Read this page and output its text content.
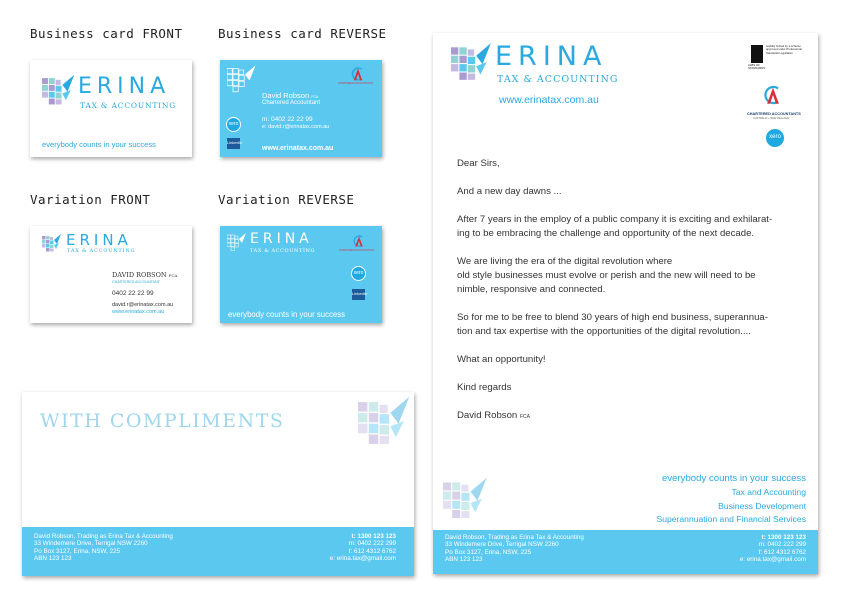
Business card FRONT	Business card REVERSE
Variation FRONT	Variation REVERSE
ERINA
TAX & ACCOUNTING
everybody counts in your success
CHARTERED ACCOUNTANTS
David Robson FCA
Chartered Accountant
xero
LinkedIn
m: 0402 22 22 99
e: david.r@erinatax.com.au
www.erinatax.com.au
ERINA
TAX & ACCOUNTING
DAVID ROBSON FCA
CHARTERED ACCOUNTANT
0402 22 22 99
david.r@erinatax.com.au
www.erinatax.com.au
ERINA
TAX & ACCOUNTING	CHARTERED ACCOUNTANTS
xero
LinkedIn
everybody counts in your success
WITH COMPLIMENTS
David Robson, Trading as Erina Tax & Accounting
33 Windemere Drive, Terrigal NSW 2260
Po Box 3127, Erina, NSW, 225
ABN 123 123
t: 1300 123 123
m: 0402 222 299
f: 612 4312 6762
e: erina.tax@gmail.com
ERINA
TAX & ACCOUNTING
www.erinatax.com.au
Liability limited by a scheme approved under Professional Standards Legislation
ALBS OF
STANDARDS
CHARTERED ACCOUNTANTS
AUSTRALIA + NEW ZEALAND
xero

Dear Sirs,

And a new day dawns ...

After 7 years in the employ of a public company it is exciting and exhilarat-
ing to be embracing the challenge and opportunity of the next decade.

We are living the era of the digital revolution where
old style businesses must evolve or perish and the new will need to be
nimble, responsive and connected.

So for me to be free to blend 30 years of high end business, superannua-
tion and tax expertise with the opportunities of the digital revolution....

What an opportunity!

Kind regards

David Robson FCA

everybody counts in your success
Tax and Accounting
Business Development
Superannuation and Financial Services
David Robson, Trading as Erina Tax & Accounting
33 Windemere Drive, Terrigal NSW 2260
Po Box 3127, Erina, NSW, 225
ABN 123 123
t: 1300 123 123
m: 0402 222 299
f: 612 4312 6762
e: erina.tax@gmail.com
